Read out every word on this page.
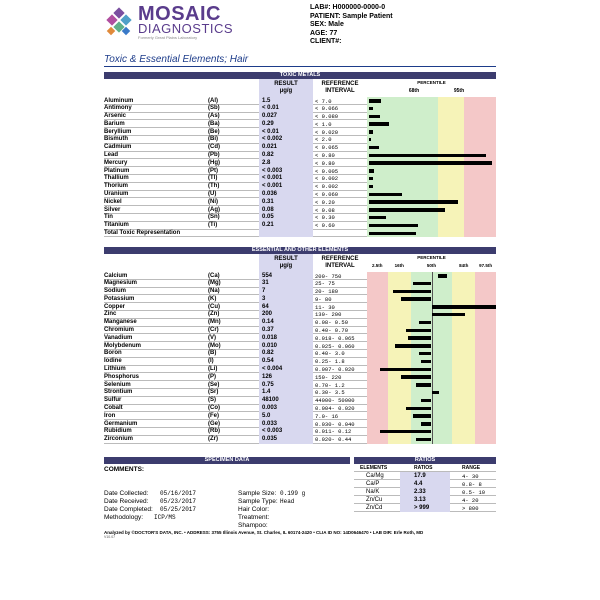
MOSAIC
DIAGNOSTICS
Formerly Great Plains Laboratory
LAB#: H000000-0000-0
PATIENT: Sample Patient
SEX: Male
AGE: 77
CLIENT#:
Toxic & Essential Elements; Hair
TOXIC METALS
RESULT
µg/g
REFERENCE INTERVAL
PERCENTILE
68th	95th
Aluminum	(Al)	1.5	< 7.0
Antimony	(Sb)	< 0.01	< 0.066
Arsenic	(As)	0.027	< 0.080
Barium	(Ba)	0.29	< 1.0
Beryllium	(Be)	< 0.01	< 0.020
Bismuth	(Bi)	< 0.002	< 2.0
Cadmium	(Cd)	0.021	< 0.065
Lead	(Pb)	0.82	< 0.80
Mercury	(Hg)	2.8	< 0.80
Platinum	(Pt)	< 0.003	< 0.005
Thallium	(Tl)	< 0.001	< 0.002
Thorium	(Th)	< 0.001	< 0.002
Uranium	(U)	0.036	< 0.060
Nickel	(Ni)	0.31	< 0.20
Silver	(Ag)	0.08	< 0.08
Tin	(Sn)	0.05	< 0.30
Titanium	(Ti)	0.21	< 0.60
Total Toxic Representation
ESSENTIAL AND OTHER ELEMENTS
RESULT
µg/g
REFERENCE INTERVAL
PERCENTILE
2.5th	16th	50th	84th	97.5th
Calcium	(Ca)	554	200- 750
Magnesium	(Mg)	31	25- 75
Sodium	(Na)	7	20- 180
Potassium	(K)	3	9- 80
Copper	(Cu)	64	11- 30
Zinc	(Zn)	200	130- 200
Manganese	(Mn)	0.14	0.08- 0.50
Chromium	(Cr)	0.37	0.40- 0.70
Vanadium	(V)	0.018	0.018- 0.065
Molybdenum	(Mo)	0.010	0.025- 0.060
Boron	(B)	0.82	0.40- 3.0
Iodine	(I)	0.54	0.25- 1.8
Lithium	(Li)	< 0.004	0.007- 0.020
Phosphorus	(P)	126	150- 220
Selenium	(Se)	0.75	0.70- 1.2
Strontium	(Sr)	1.4	0.30- 3.5
Sulfur	(S)	48100	44000- 50000
Cobalt	(Co)	0.003	0.004- 0.020
Iron	(Fe)	5.0	7.0- 16
Germanium	(Ge)	0.033	0.030- 0.040
Rubidium	(Rb)	< 0.003	0.011- 0.12
Zirconium	(Zr)	0.035	0.020- 0.44
SPECIMEN DATA
COMMENTS:
Date Collected: 05/16/2017
Date Received: 05/23/2017
Date Completed: 05/25/2017
Methodology: ICP/MS
Sample Size: 0.199 g
Sample Type: Head
Hair Color:
Treatment:
Shampoo:
RATIOS
ELEMENTS	RATIOS	RANGE
Ca/Mg	17.9	4- 30
Ca/P	4.4	0.8- 8
Na/K	2.33	0.5- 10
Zn/Cu	3.13	4- 20
Zn/Cd	> 999	> 800
Analyzed by ©DOCTOR'S DATA, INC. • ADDRESS: 3755 Illinois Avenue, St. Charles, IL 60174-2420 • CLIA ID NO: 14D0646470 • LAB DIR: Erle Roth, MD
V10.07
